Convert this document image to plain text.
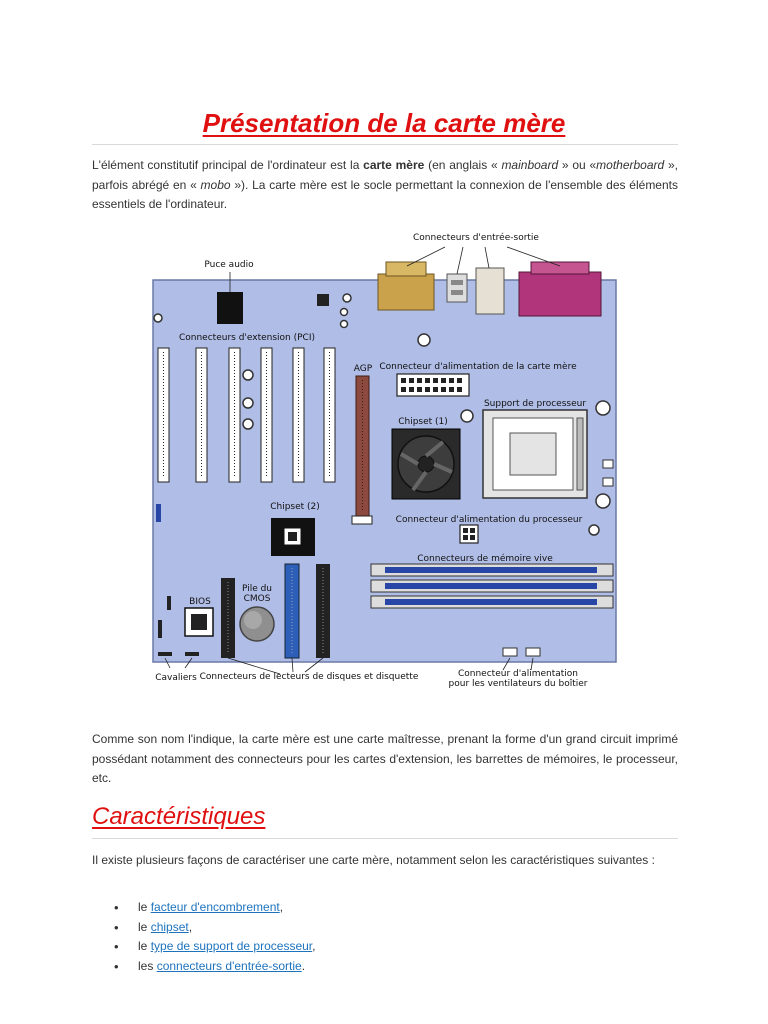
Présentation de la carte mère

L'élément constitutif principal de l'ordinateur est la carte mère (en anglais « mainboard » ou «motherboard », parfois abrégé en « mobo »). La carte mère est le socle permettant la connexion de l'ensemble des éléments essentiels de l'ordinateur.

Connecteurs d'entrée-sortie
Puce audio
Connecteurs d'extension (PCI)
AGP Connecteur d'alimentation de la carte mère
Support de processeur
Chipset (1)
Chipset (2)
Connecteur d'alimentation du processeur
Connecteurs de mémoire vive
Pile du
CMOS
BIOS
Cavaliers Connecteurs de lecteurs de disques et disquette	Connecteur d'alimentation
pour les ventilateurs du boîtier

Comme son nom l'indique, la carte mère est une carte maîtresse, prenant la forme d'un grand circuit imprimé possédant notamment des connecteurs pour les cartes d'extension, les barrettes de mémoires, le processeur, etc.

Caractéristiques

Il existe plusieurs façons de caractériser une carte mère, notamment selon les caractéristiques suivantes :

• le facteur d'encombrement,
• le chipset,
• le type de support de processeur,
• les connecteurs d'entrée-sortie.
